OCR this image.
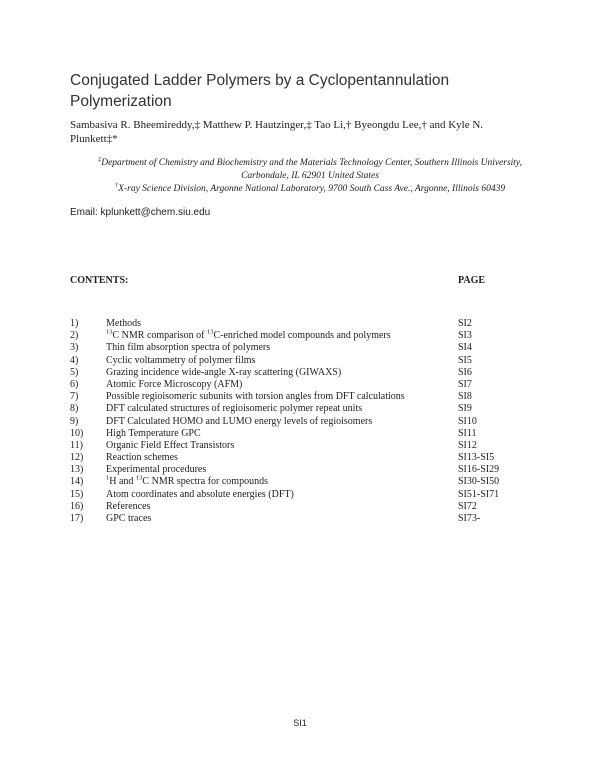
Conjugated Ladder Polymers by a Cyclopentannulation
Polymerization
Sambasiva R. Bheemireddy,‡ Matthew P. Hautzinger,‡ Tao Li,† Byeongdu Lee,† and Kyle N.
Plunkett‡*
‡Department of Chemistry and Biochemistry and the Materials Technology Center, Southern Illinois University, Carbondale, IL 62901 United States
†X-ray Science Division, Argonne National Laboratory, 9700 South Cass Ave., Argonne, Illinois 60439
Email: kplunkett@chem.siu.edu
CONTENTS:	PAGE
1)	Methods	SI2
2)	$^{13}$C NMR comparison of $^{13}$C-enriched model compounds and polymers	SI3
3)	Thin film absorption spectra of polymers	SI4
4)	Cyclic voltammetry of polymer films	SI5
5)	Grazing incidence wide-angle X-ray scattering (GIWAXS)	SI6
6)	Atomic Force Microscopy (AFM)	SI7
7)	Possible regioisomeric subunits with torsion angles from DFT calculations	SI8
8)	DFT calculated structures of regioisomeric polymer repeat units	SI9
9)	DFT Calculated HOMO and LUMO energy levels of regioisomers	SI10
10)	High Temperature GPC	SI11
11)	Organic Field Effect Transistors	SI12
12)	Reaction schemes	SI13-SI5
13)	Experimental procedures	SI16-SI29
14)	$^1$H and $^{13}$C NMR spectra for compounds	SI30-SI50
15)	Atom coordinates and absolute energies (DFT)	SI51-SI71
16)	References	SI72
17)	GPC traces	SI73-
SI1
